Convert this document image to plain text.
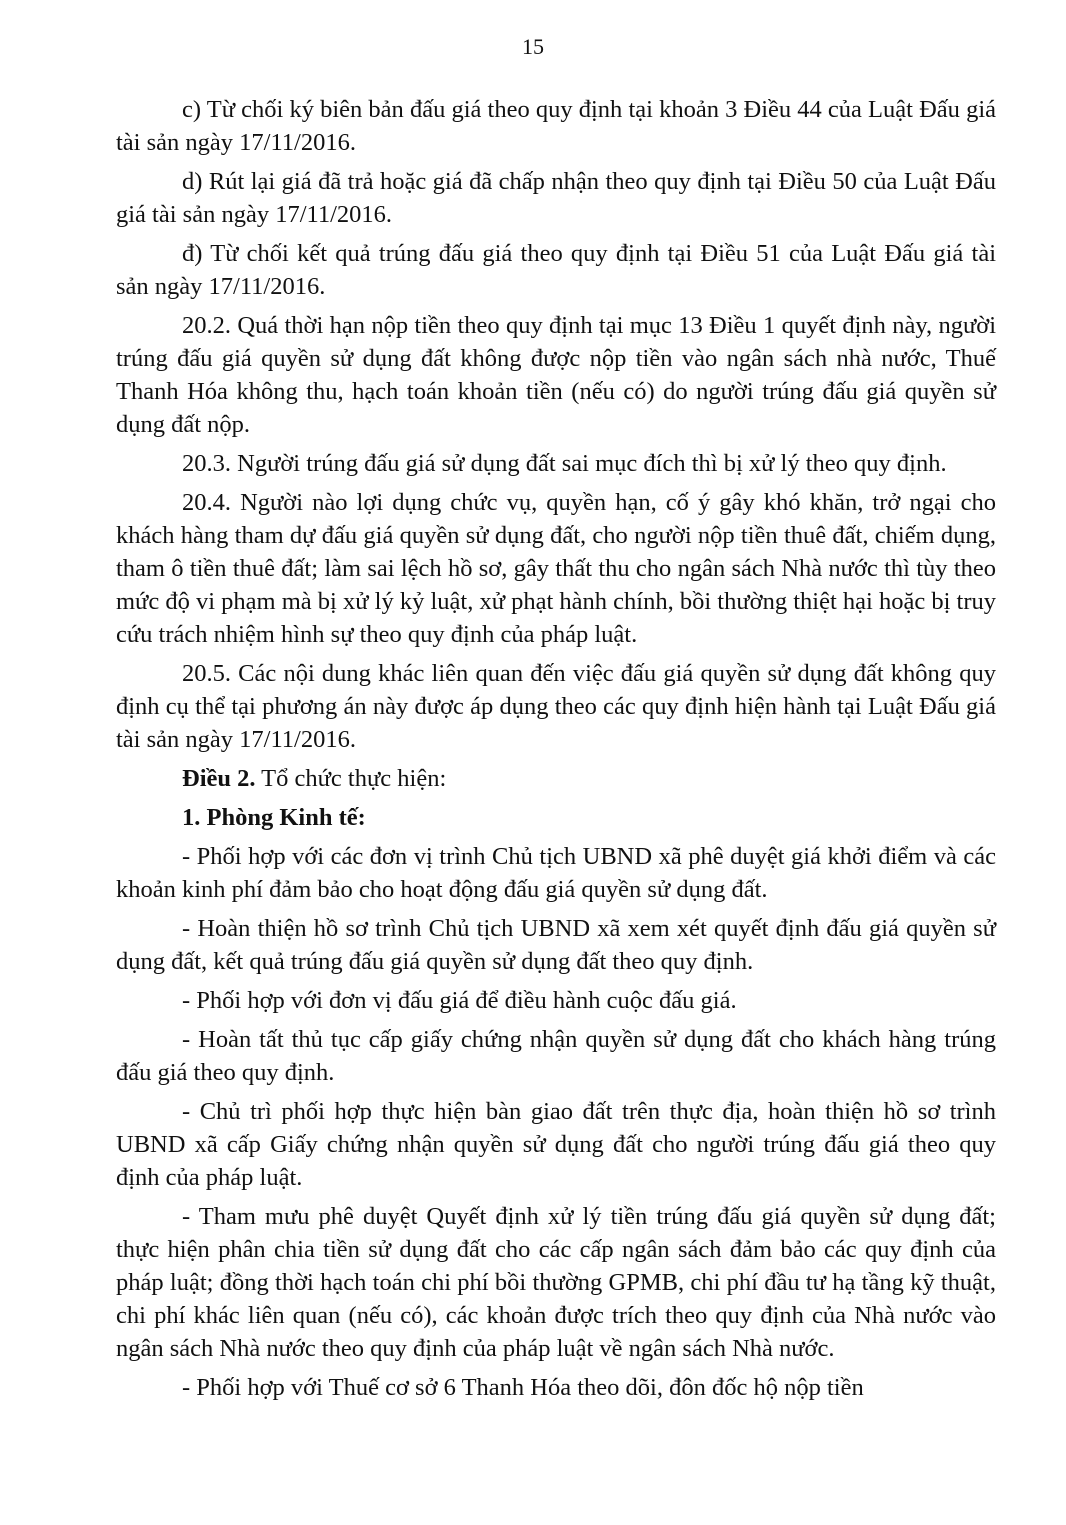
15

c) Từ chối ký biên bản đấu giá theo quy định tại khoản 3 Điều 44 của Luật Đấu giá tài sản ngày 17/11/2016.

d) Rút lại giá đã trả hoặc giá đã chấp nhận theo quy định tại Điều 50 của Luật Đấu giá tài sản ngày 17/11/2016.

đ) Từ chối kết quả trúng đấu giá theo quy định tại Điều 51 của Luật Đấu giá tài sản ngày 17/11/2016.

20.2. Quá thời hạn nộp tiền theo quy định tại mục 13 Điều 1 quyết định này, người trúng đấu giá quyền sử dụng đất không được nộp tiền vào ngân sách nhà nước, Thuế Thanh Hóa không thu, hạch toán khoản tiền (nếu có) do người trúng đấu giá quyền sử dụng đất nộp.

20.3. Người trúng đấu giá sử dụng đất sai mục đích thì bị xử lý theo quy định.

20.4. Người nào lợi dụng chức vụ, quyền hạn, cố ý gây khó khăn, trở ngại cho khách hàng tham dự đấu giá quyền sử dụng đất, cho người nộp tiền thuê đất, chiếm dụng, tham ô tiền thuê đất; làm sai lệch hồ sơ, gây thất thu cho ngân sách Nhà nước thì tùy theo mức độ vi phạm mà bị xử lý kỷ luật, xử phạt hành chính, bồi thường thiệt hại hoặc bị truy cứu trách nhiệm hình sự theo quy định của pháp luật.

20.5. Các nội dung khác liên quan đến việc đấu giá quyền sử dụng đất không quy định cụ thể tại phương án này được áp dụng theo các quy định hiện hành tại Luật Đấu giá tài sản ngày 17/11/2016.

Điều 2. Tổ chức thực hiện:

1. Phòng Kinh tế:

- Phối hợp với các đơn vị trình Chủ tịch UBND xã phê duyệt giá khởi điểm và các khoản kinh phí đảm bảo cho hoạt động đấu giá quyền sử dụng đất.

- Hoàn thiện hồ sơ trình Chủ tịch UBND xã xem xét quyết định đấu giá quyền sử dụng đất, kết quả trúng đấu giá quyền sử dụng đất theo quy định.

- Phối hợp với đơn vị đấu giá để điều hành cuộc đấu giá.

- Hoàn tất thủ tục cấp giấy chứng nhận quyền sử dụng đất cho khách hàng trúng đấu giá theo quy định.

- Chủ trì phối hợp thực hiện bàn giao đất trên thực địa, hoàn thiện hồ sơ trình UBND xã cấp Giấy chứng nhận quyền sử dụng đất cho người trúng đấu giá theo quy định của pháp luật.

- Tham mưu phê duyệt Quyết định xử lý tiền trúng đấu giá quyền sử dụng đất; thực hiện phân chia tiền sử dụng đất cho các cấp ngân sách đảm bảo các quy định của pháp luật; đồng thời hạch toán chi phí bồi thường GPMB, chi phí đầu tư hạ tầng kỹ thuật, chi phí khác liên quan (nếu có), các khoản được trích theo quy định của Nhà nước vào ngân sách Nhà nước theo quy định của pháp luật về ngân sách Nhà nước.

- Phối hợp với Thuế cơ sở 6 Thanh Hóa theo dõi, đôn đốc hộ nộp tiền
